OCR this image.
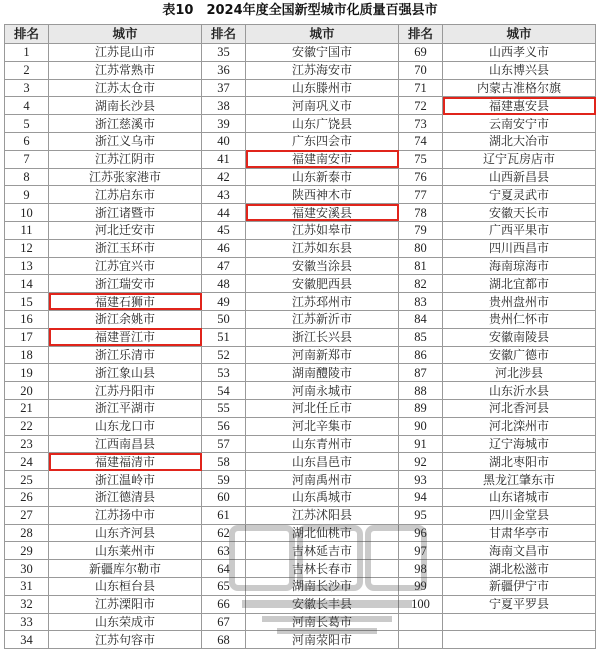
表10　2024年度全国新型城市化质量百强县市
排名	城市	排名	城市	排名	城市
1	江苏昆山市	35	安徽宁国市	69	山西孝义市
2	江苏常熟市	36	江苏海安市	70	山东博兴县
3	江苏太仓市	37	山东滕州市	71	内蒙古准格尔旗
4	湖南长沙县	38	河南巩义市	72	福建惠安县
5	浙江慈溪市	39	山东广饶县	73	云南安宁市
6	浙江义乌市	40	广东四会市	74	湖北大冶市
7	江苏江阴市	41	福建南安市	75	辽宁瓦房店市
8	江苏张家港市	42	山东新泰市	76	山西新昌县
9	江苏启东市	43	陕西神木市	77	宁夏灵武市
10	浙江诸暨市	44	福建安溪县	78	安徽天长市
11	河北迁安市	45	江苏如皋市	79	广西平果市
12	浙江玉环市	46	江苏如东县	80	四川西昌市
13	江苏宜兴市	47	安徽当涂县	81	海南琼海市
14	浙江瑞安市	48	安徽肥西县	82	湖北宜都市
15	福建石狮市	49	江苏邳州市	83	贵州盘州市
16	浙江余姚市	50	江苏新沂市	84	贵州仁怀市
17	福建晋江市	51	浙江长兴县	85	安徽南陵县
18	浙江乐清市	52	河南新郑市	86	安徽广德市
19	浙江象山县	53	湖南醴陵市	87	河北涉县
20	江苏丹阳市	54	河南永城市	88	山东沂水县
21	浙江平湖市	55	河北任丘市	89	河北香河县
22	山东龙口市	56	河北辛集市	90	河北滦州市
23	江西南昌县	57	山东青州市	91	辽宁海城市
24	福建福清市	58	山东昌邑市	92	湖北枣阳市
25	浙江温岭市	59	河南禹州市	93	黑龙江肇东市
26	浙江德清县	60	山东禹城市	94	山东诸城市
27	江苏扬中市	61	江苏沭阳县	95	四川金堂县
28	山东齐河县	62	湖北仙桃市	96	甘肃华亭市
29	山东莱州市	63	吉林延吉市	97	海南文昌市
30	新疆库尔勒市	64	吉林长春市	98	湖北松滋市
31	山东桓台县	65	湖南长沙市	99	新疆伊宁市
32	江苏溧阳市	66	安徽长丰县	100	宁夏平罗县
33	山东荣成市	67	河南长葛市		
34	江苏句容市	68	河南荥阳市		
